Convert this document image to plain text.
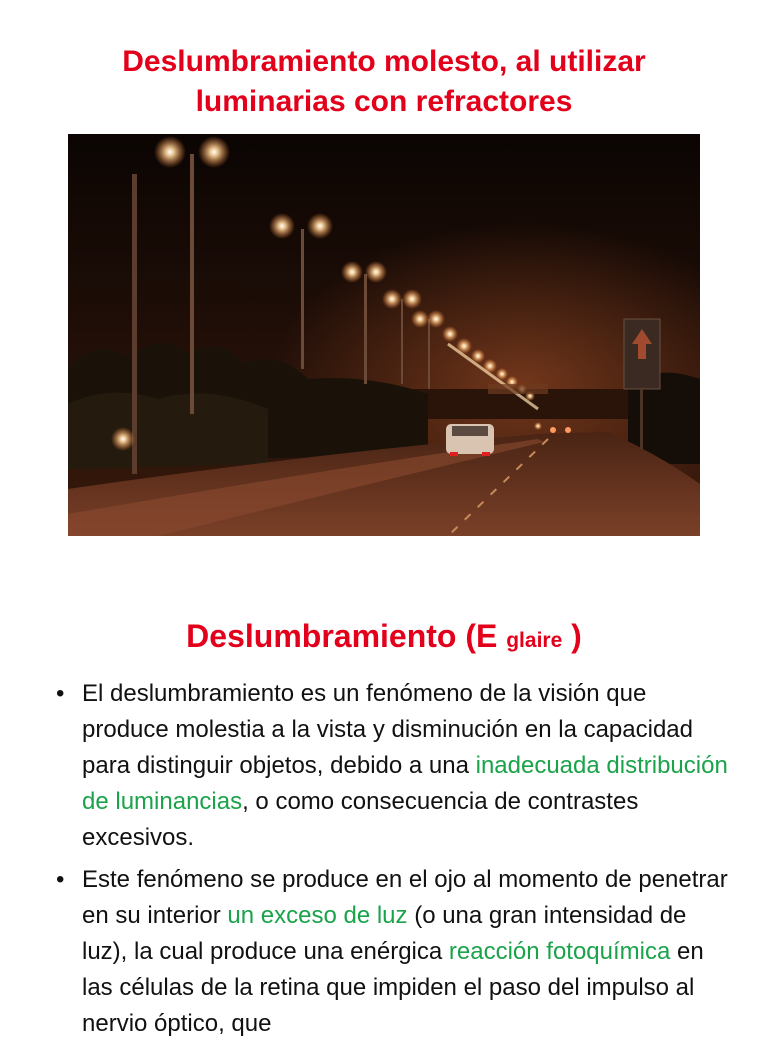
Deslumbramiento molesto, al utilizar
luminarias con refractores
Deslumbramiento (E glaire )
• El deslumbramiento es un fenómeno de la visión que produce molestia a la vista y disminución en la capacidad para distinguir objetos, debido a una inadecuada distribución de luminancias, o como consecuencia de contrastes excesivos.
• Este fenómeno se produce en el ojo al momento de penetrar en su interior un exceso de luz (o una gran intensidad de luz), la cual produce una enérgica reacción fotoquímica en las células de la retina que impiden el paso del impulso al nervio óptico, que
